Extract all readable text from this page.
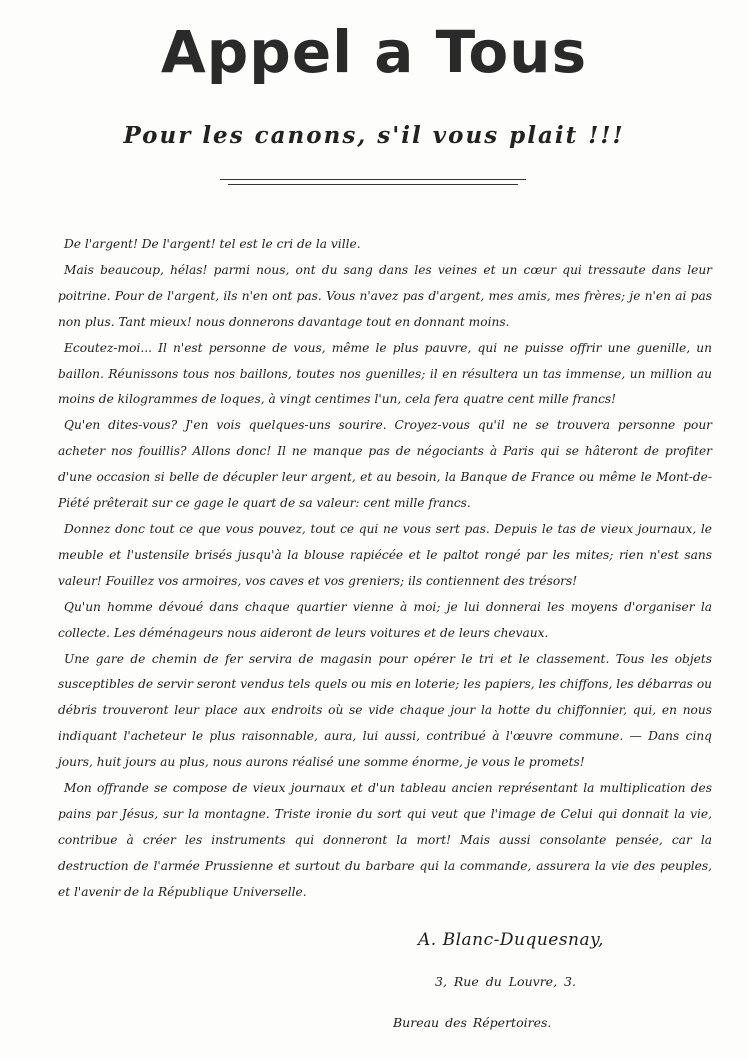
Appel a Tous
Pour les canons, s'il vous plait !!!

De l'argent! De l'argent! tel est le cri de la ville.

Mais beaucoup, hélas! parmi nous, ont du sang dans les veines et un cœur qui tressaute dans leur poitrine. Pour de l'argent, ils n'en ont pas. Vous n'avez pas d'argent, mes amis, mes frères; je n'en ai pas non plus. Tant mieux! nous donnerons davantage tout en donnant moins.

Ecoutez-moi... Il n'est personne de vous, même le plus pauvre, qui ne puisse offrir une guenille, un baillon. Réunissons tous nos baillons, toutes nos guenilles; il en résultera un tas immense, un million au moins de kilogrammes de loques, à vingt centimes l'un, cela fera quatre cent mille francs!

Qu'en dites-vous? J'en vois quelques-uns sourire. Croyez-vous qu'il ne se trouvera personne pour acheter nos fouillis? Allons donc! Il ne manque pas de négociants à Paris qui se hâteront de profiter d'une occasion si belle de décupler leur argent, et au besoin, la Banque de France ou même le Mont-de-Piété prêterait sur ce gage le quart de sa valeur: cent mille francs.

Donnez donc tout ce que vous pouvez, tout ce qui ne vous sert pas. Depuis le tas de vieux journaux, le meuble et l'ustensile brisés jusqu'à la blouse rapiécée et le paltot rongé par les mites; rien n'est sans valeur! Fouillez vos armoires, vos caves et vos greniers; ils contiennent des trésors!

Qu'un homme dévoué dans chaque quartier vienne à moi; je lui donnerai les moyens d'organiser la collecte. Les déménageurs nous aideront de leurs voitures et de leurs chevaux.

Une gare de chemin de fer servira de magasin pour opérer le tri et le classement. Tous les objets susceptibles de servir seront vendus tels quels ou mis en loterie; les papiers, les chiffons, les débarras ou débris trouveront leur place aux endroits où se vide chaque jour la hotte du chiffonnier, qui, en nous indiquant l'acheteur le plus raisonnable, aura, lui aussi, contribué à l'œuvre commune. — Dans cinq jours, huit jours au plus, nous aurons réalisé une somme énorme, je vous le promets!

Mon offrande se compose de vieux journaux et d'un tableau ancien représentant la multiplication des pains par Jésus, sur la montagne. Triste ironie du sort qui veut que l'image de Celui qui donnait la vie, contribue à créer les instruments qui donneront la mort! Mais aussi consolante pensée, car la destruction de l'armée Prussienne et surtout du barbare qui la commande, assurera la vie des peuples, et l'avenir de la République Universelle.

A. Blanc-Duquesnay,
3, Rue du Louvre, 3.
Bureau des Répertoires.
